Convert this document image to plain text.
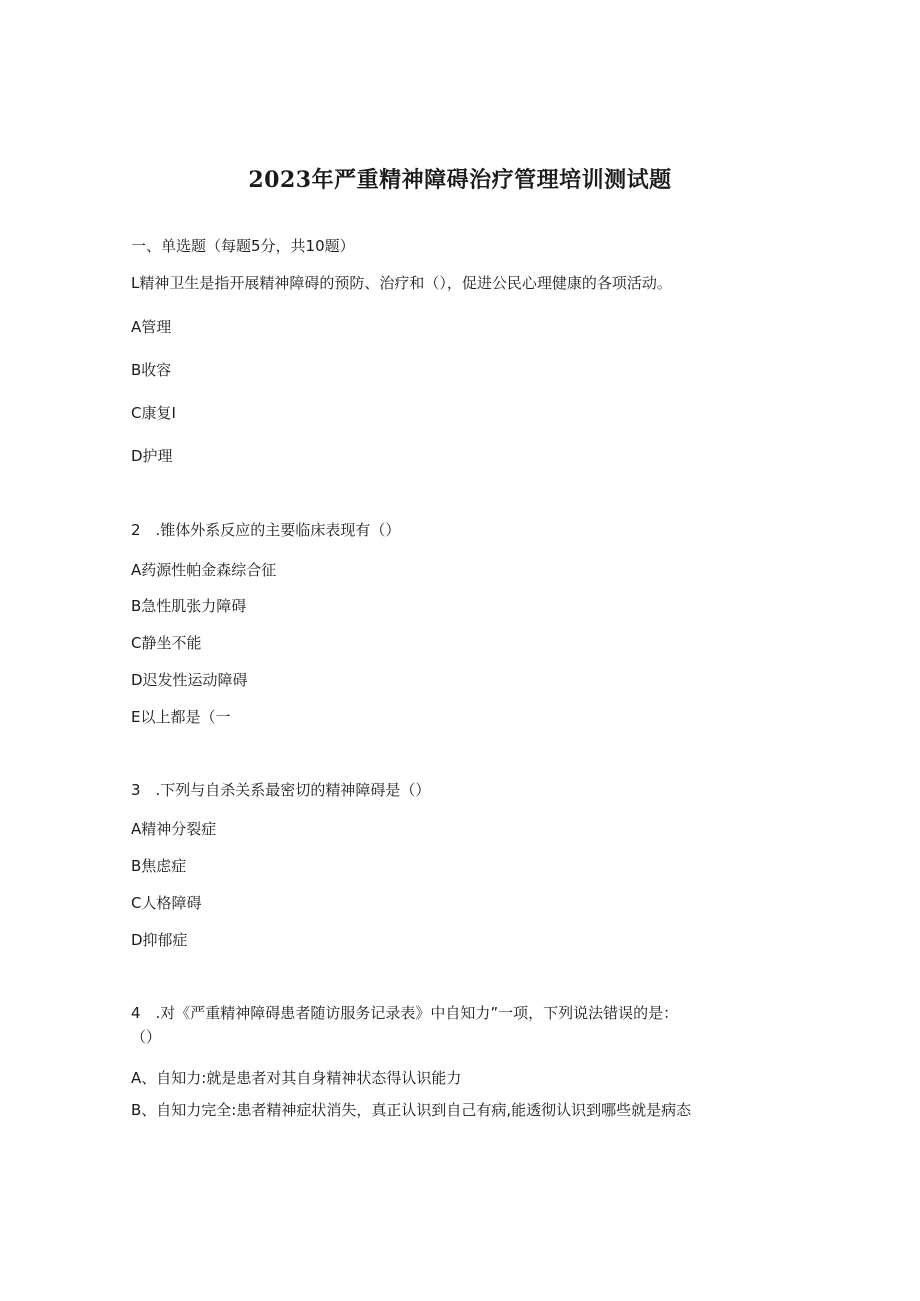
2023年严重精神障碍治疗管理培训测试题
一、单选题（每题5分，共10题）
L精神卫生是指开展精神障碍的预防、治疗和（），促进公民心理健康的各项活动。
A管理
B收容
C康复I
D护理
2　.锥体外系反应的主要临床表现有（）
A药源性帕金森综合征
B急性肌张力障碍
C静坐不能
D迟发性运动障碍
E以上都是（一
3　.下列与自杀关系最密切的精神障碍是（）
A精神分裂症
B焦虑症
C人格障碍
D抑郁症
4　.对《严重精神障碍患者随访服务记录表》中自知力”一项，下列说法错误的是：
（）
A、自知力:就是患者对其自身精神状态得认识能力
B、自知力完全:患者精神症状消失，真正认识到自己有病,能透彻认识到哪些就是病态
